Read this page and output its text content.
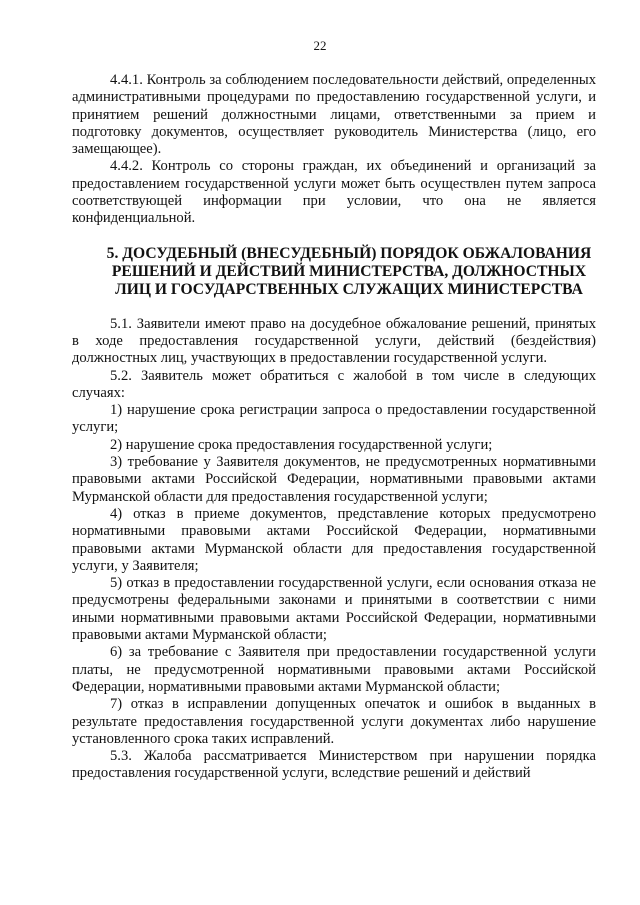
22

4.4.1. Контроль за соблюдением последовательности действий, определенных административными процедурами по предоставлению государственной услуги, и принятием решений должностными лицами, ответственными за прием и подготовку документов, осуществляет руководитель Министерства (лицо, его замещающее).

4.4.2. Контроль со стороны граждан, их объединений и организаций за предоставлением государственной услуги может быть осуществлен путем запроса соответствующей информации при условии, что она не является конфиденциальной.

5. ДОСУДЕБНЫЙ (ВНЕСУДЕБНЫЙ) ПОРЯДОК ОБЖАЛОВАНИЯ РЕШЕНИЙ И ДЕЙСТВИЙ МИНИСТЕРСТВА, ДОЛЖНОСТНЫХ ЛИЦ И ГОСУДАРСТВЕННЫХ СЛУЖАЩИХ МИНИСТЕРСТВА

5.1. Заявители имеют право на досудебное обжалование решений, принятых в ходе предоставления государственной услуги, действий (бездействия) должностных лиц, участвующих в предоставлении государственной услуги.

5.2. Заявитель может обратиться с жалобой в том числе в следующих случаях:

1) нарушение срока регистрации запроса о предоставлении государственной услуги;

2) нарушение срока предоставления государственной услуги;

3) требование у Заявителя документов, не предусмотренных нормативными правовыми актами Российской Федерации, нормативными правовыми актами Мурманской области для предоставления государственной услуги;

4) отказ в приеме документов, представление которых предусмотрено нормативными правовыми актами Российской Федерации, нормативными правовыми актами Мурманской области для предоставления государственной услуги, у Заявителя;

5) отказ в предоставлении государственной услуги, если основания отказа не предусмотрены федеральными законами и принятыми в соответствии с ними иными нормативными правовыми актами Российской Федерации, нормативными правовыми актами Мурманской области;

6) за требование с Заявителя при предоставлении государственной услуги платы, не предусмотренной нормативными правовыми актами Российской Федерации, нормативными правовыми актами Мурманской области;

7) отказ в исправлении допущенных опечаток и ошибок в выданных в результате предоставления государственной услуги документах либо нарушение установленного срока таких исправлений.

5.3. Жалоба рассматривается Министерством при нарушении порядка предоставления государственной услуги, вследствие решений и действий
